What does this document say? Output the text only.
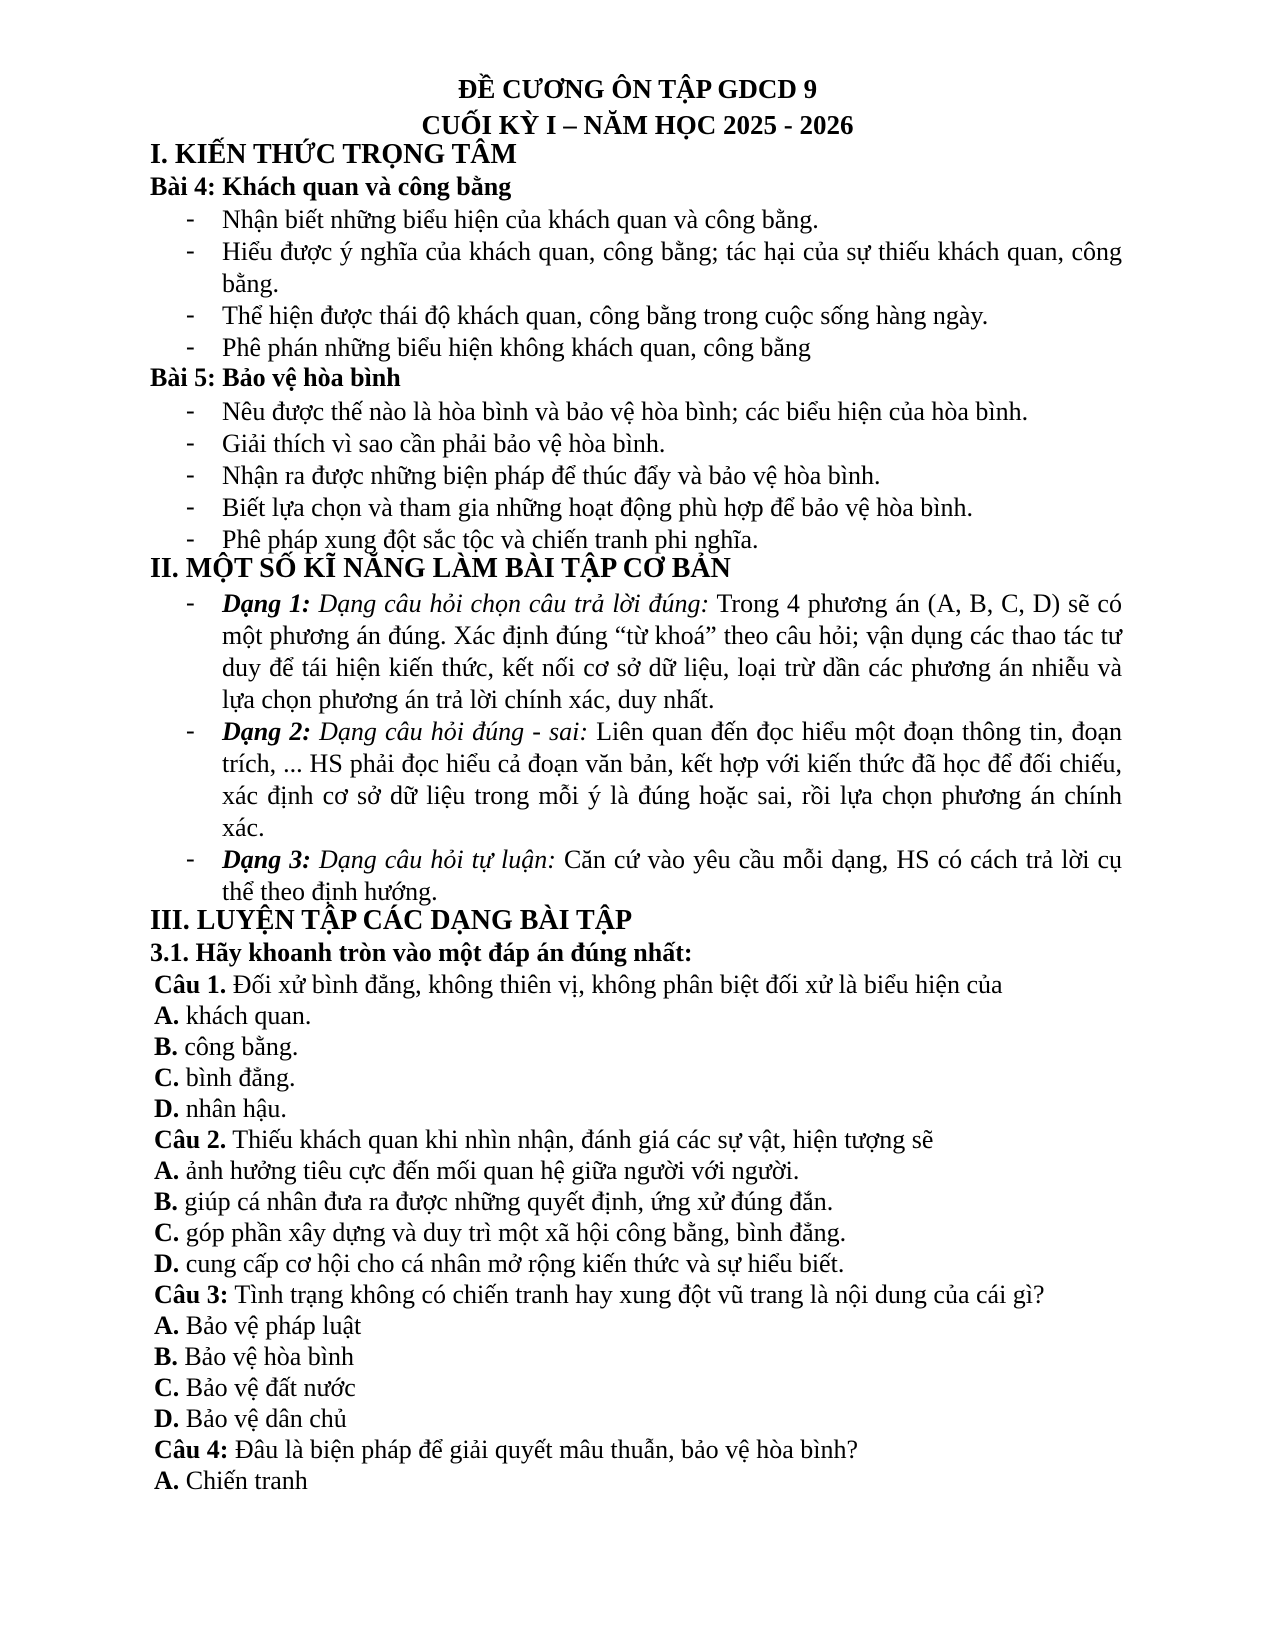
ĐỀ CƯƠNG ÔN TẬP GDCD 9
CUỐI KỲ I – NĂM HỌC 2025 - 2026
I. KIẾN THỨC TRỌNG TÂM
Bài 4: Khách quan và công bằng
-	Nhận biết những biểu hiện của khách quan và công bằng.
-	Hiểu được ý nghĩa của khách quan, công bằng; tác hại của sự thiếu khách quan, công bằng.
-	Thể hiện được thái độ khách quan, công bằng trong cuộc sống hàng ngày.
-	Phê phán những biểu hiện không khách quan, công bằng
Bài 5: Bảo vệ hòa bình
-	Nêu được thế nào là hòa bình và bảo vệ hòa bình; các biểu hiện của hòa bình.
-	Giải thích vì sao cần phải bảo vệ hòa bình.
-	Nhận ra được những biện pháp để thúc đẩy và bảo vệ hòa bình.
-	Biết lựa chọn và tham gia những hoạt động phù hợp để bảo vệ hòa bình.
-	Phê pháp xung đột sắc tộc và chiến tranh phi nghĩa.
II. MỘT SỐ KĨ NĂNG LÀM BÀI TẬP CƠ BẢN
-	Dạng 1: Dạng câu hỏi chọn câu trả lời đúng: Trong 4 phương án (A, B, C, D) sẽ có một phương án đúng. Xác định đúng “từ khoá” theo câu hỏi; vận dụng các thao tác tư duy để tái hiện kiến thức, kết nối cơ sở dữ liệu, loại trừ dần các phương án nhiễu và lựa chọn phương án trả lời chính xác, duy nhất.
-	Dạng 2: Dạng câu hỏi đúng - sai: Liên quan đến đọc hiểu một đoạn thông tin, đoạn trích, ... HS phải đọc hiểu cả đoạn văn bản, kết hợp với kiến thức đã học để đối chiếu, xác định cơ sở dữ liệu trong mỗi ý là đúng hoặc sai, rồi lựa chọn phương án chính xác.
-	Dạng 3: Dạng câu hỏi tự luận: Căn cứ vào yêu cầu mỗi dạng, HS có cách trả lời cụ thể theo định hướng.
III. LUYỆN TẬP CÁC DẠNG BÀI TẬP
3.1. Hãy khoanh tròn vào một đáp án đúng nhất:
Câu 1. Đối xử bình đẳng, không thiên vị, không phân biệt đối xử là biểu hiện của
A. khách quan.
B. công bằng.
C. bình đẳng.
D. nhân hậu.
Câu 2. Thiếu khách quan khi nhìn nhận, đánh giá các sự vật, hiện tượng sẽ
A. ảnh hưởng tiêu cực đến mối quan hệ giữa người với người.
B. giúp cá nhân đưa ra được những quyết định, ứng xử đúng đắn.
C. góp phần xây dựng và duy trì một xã hội công bằng, bình đẳng.
D. cung cấp cơ hội cho cá nhân mở rộng kiến thức và sự hiểu biết.
Câu 3: Tình trạng không có chiến tranh hay xung đột vũ trang là nội dung của cái gì?
A. Bảo vệ pháp luật
B. Bảo vệ hòa bình
C. Bảo vệ đất nước
D. Bảo vệ dân chủ
Câu 4: Đâu là biện pháp để giải quyết mâu thuẫn, bảo vệ hòa bình?
A. Chiến tranh
